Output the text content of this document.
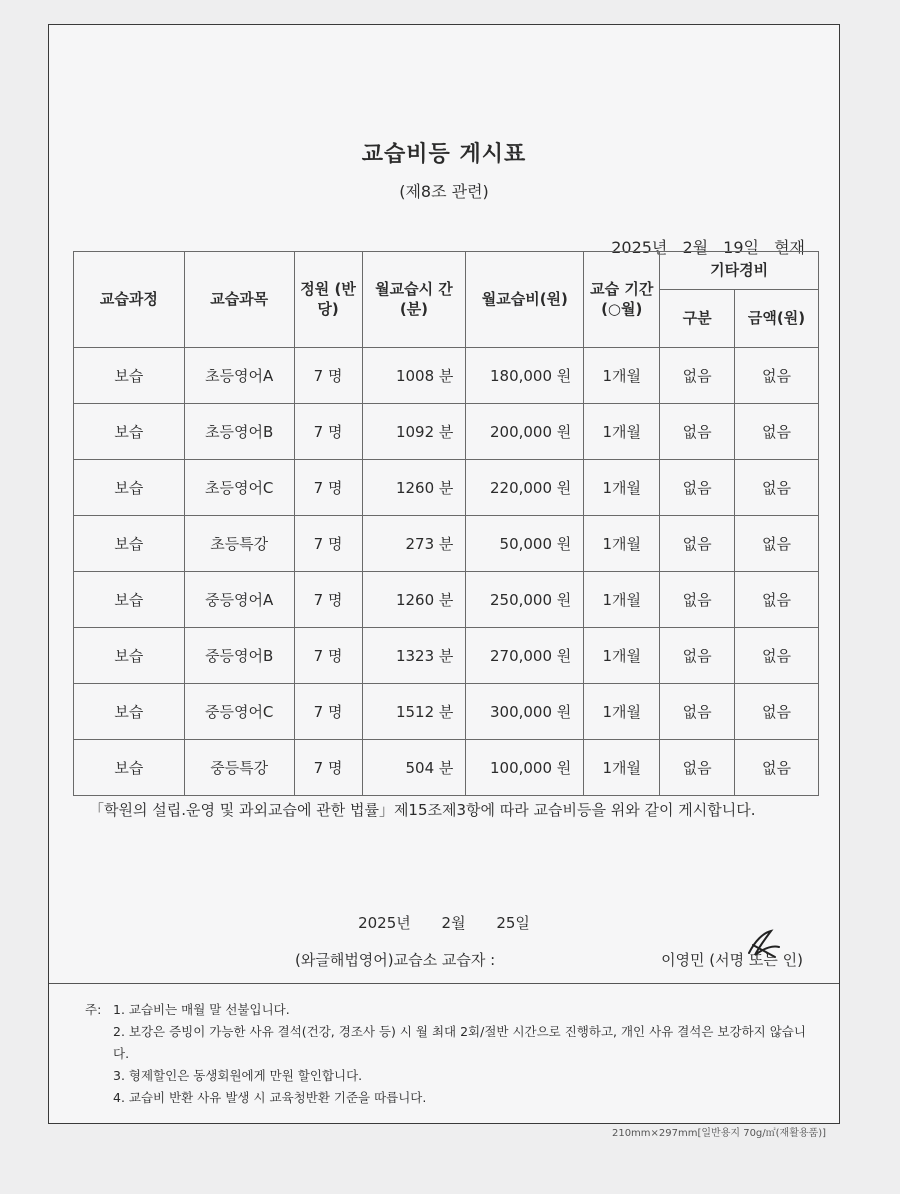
교습비등 게시표
(제8조 관련)
2025년 2월 19일 현재
교습과정	교습과목	정원 (반당)	월교습시 간(분)	월교습비(원)	교습 기간 (○월)	기타경비	
						구분	금액(원)
보습	초등영어A	7 명	1008 분	180,000 원	1개월	없음	없음
보습	초등영어B	7 명	1092 분	200,000 원	1개월	없음	없음
보습	초등영어C	7 명	1260 분	220,000 원	1개월	없음	없음
보습	초등특강	7 명	273 분	50,000 원	1개월	없음	없음
보습	중등영어A	7 명	1260 분	250,000 원	1개월	없음	없음
보습	중등영어B	7 명	1323 분	270,000 원	1개월	없음	없음
보습	중등영어C	7 명	1512 분	300,000 원	1개월	없음	없음
보습	중등특강	7 명	504 분	100,000 원	1개월	없음	없음
「학원의 설립.운영 및 과외교습에 관한 법률」제15조제3항에 따라 교습비등을 위와 같이 게시합니다.
2025년 2월 25일
(와글해법영어)교습소 교습자 :	이영민 (서명 또는 인)
주: 1. 교습비는 매월 말 선불입니다.
2. 보강은 증빙이 가능한 사유 결석(건강, 경조사 등) 시 월 최대 2회/절반 시간으로 진행하고, 개인 사유 결석은 보강하지 않습니다.
3. 형제할인은 동생회원에게 만원 할인합니다.
4. 교습비 반환 사유 발생 시 교육청반환 기준을 따릅니다.
210mm×297mm[일반용지 70g/㎡(재활용품)]
